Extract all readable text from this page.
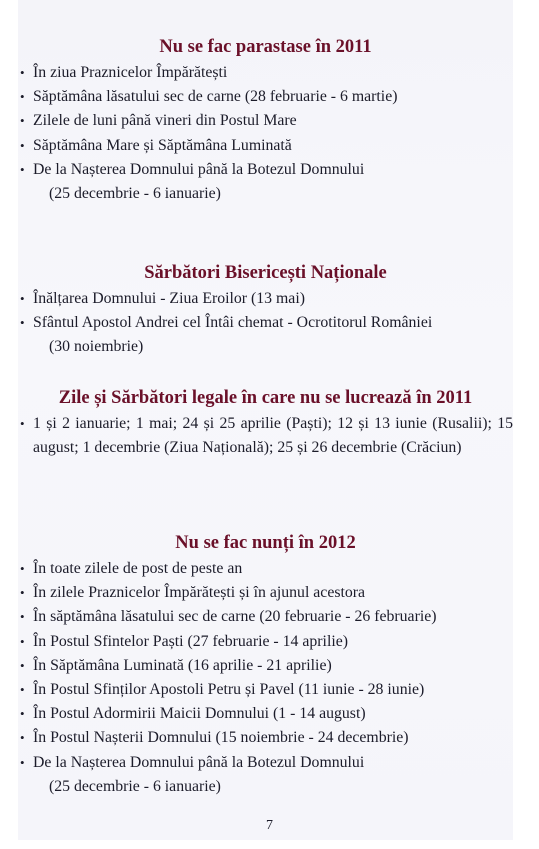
Nu se fac parastase în 2011
• În ziua Praznicelor Împărătești
• Săptămâna lăsatului sec de carne (28 februarie - 6 martie)
• Zilele de luni până vineri din Postul Mare
• Săptămâna Mare și Săptămâna Luminată
• De la Nașterea Domnului până la Botezul Domnului
(25 decembrie - 6 ianuarie)
Sărbători Bisericești Naționale
• Înălțarea Domnului - Ziua Eroilor (13 mai)
• Sfântul Apostol Andrei cel Întâi chemat - Ocrotitorul României
(30 noiembrie)
Zile și Sărbători legale în care nu se lucrează în 2011
• 1 și 2 ianuarie; 1 mai; 24 și 25 aprilie (Paști); 12 și 13 iunie (Rusalii); 15 august; 1 decembrie (Ziua Națională); 25 și 26 decembrie (Crăciun)
Nu se fac nunți în 2012
• În toate zilele de post de peste an
• În zilele Praznicelor Împărătești și în ajunul acestora
• În săptămâna lăsatului sec de carne (20 februarie - 26 februarie)
• În Postul Sfintelor Paști (27 februarie - 14 aprilie)
• În Săptămâna Luminată (16 aprilie - 21 aprilie)
• În Postul Sfinților Apostoli Petru și Pavel (11 iunie - 28 iunie)
• În Postul Adormirii Maicii Domnului (1 - 14 august)
• În Postul Nașterii Domnului (15 noiembrie - 24 decembrie)
• De la Nașterea Domnului până la Botezul Domnului
(25 decembrie - 6 ianuarie)
7
